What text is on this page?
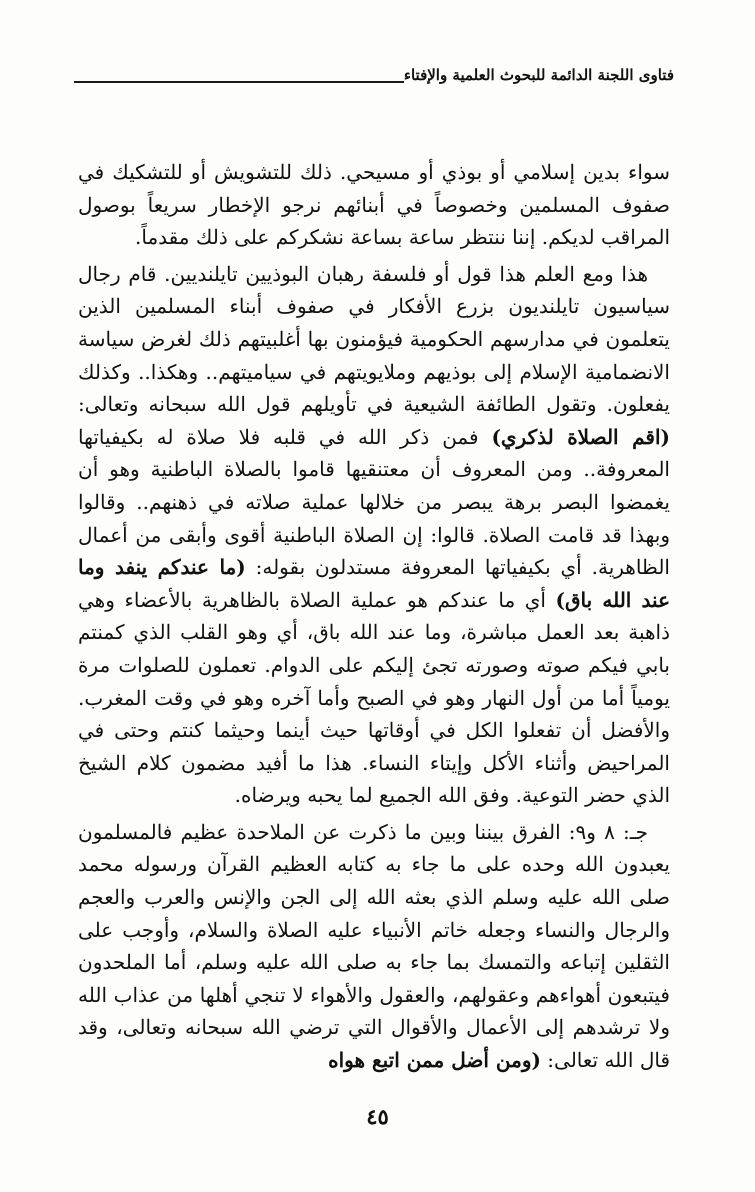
فتاوى اللجنة الدائمة للبحوث العلمية والإفتاء

سواء بدين إسلامي أو بوذي أو مسيحي. ذلك للتشويش أو للتشكيك في صفوف المسلمين وخصوصاً في أبنائهم نرجو الإخطار سريعاً بوصول المراقب لديكم. إننا ننتظر ساعة بساعة نشكركم على ذلك مقدماً.

هذا ومع العلم هذا قول أو فلسفة رهبان البوذيين تايلنديين. قام رجال سياسيون تايلنديون بزرع الأفكار في صفوف أبناء المسلمين الذين يتعلمون في مدارسهم الحكومية فيؤمنون بها أغلبيتهم ذلك لغرض سياسة الانضمامية الإسلام إلى بوذيهم وملايويتهم في سياميتهم.. وهكذا.. وكذلك يفعلون. وتقول الطائفة الشيعية في تأويلهم قول الله سبحانه وتعالى: (اقم الصلاة لذكري) فمن ذكر الله في قلبه فلا صلاة له بكيفياتها المعروفة.. ومن المعروف أن معتنقيها قاموا بالصلاة الباطنية وهو أن يغمضوا البصر برهة يبصر من خلالها عملية صلاته في ذهنهم.. وقالوا وبهذا قد قامت الصلاة. قالوا: إن الصلاة الباطنية أقوى وأبقى من أعمال الظاهرية. أي بكيفياتها المعروفة مستدلون بقوله: (ما عندكم ينفد وما عند الله باق) أي ما عندكم هو عملية الصلاة بالظاهرية بالأعضاء وهي ذاهبة بعد العمل مباشرة، وما عند الله باق، أي وهو القلب الذي كمنتم بابي فيكم صوته وصورته تجئ إليكم على الدوام. تعملون للصلوات مرة يومياً أما من أول النهار وهو في الصبح وأما آخره وهو في وقت المغرب. والأفضل أن تفعلوا الكل في أوقاتها حيث أينما وحيثما كنتم وحتى في المراحيض وأثناء الأكل وإيتاء النساء. هذا ما أفيد مضمون كلام الشيخ الذي حضر التوعية. وفق الله الجميع لما يحبه ويرضاه.

جـ: ٨ و٩: الفرق بيننا وبين ما ذكرت عن الملاحدة عظيم فالمسلمون يعبدون الله وحده على ما جاء به كتابه العظيم القرآن ورسوله محمد صلى الله عليه وسلم الذي بعثه الله إلى الجن والإنس والعرب والعجم والرجال والنساء وجعله خاتم الأنبياء عليه الصلاة والسلام، وأوجب على الثقلين إتباعه والتمسك بما جاء به صلى الله عليه وسلم، أما الملحدون فيتبعون أهواءهم وعقولهم، والعقول والأهواء لا تنجي أهلها من عذاب الله ولا ترشدهم إلى الأعمال والأقوال التي ترضي الله سبحانه وتعالى، وقد قال الله تعالى: (ومن أضل ممن اتبع هواه

٤٥
